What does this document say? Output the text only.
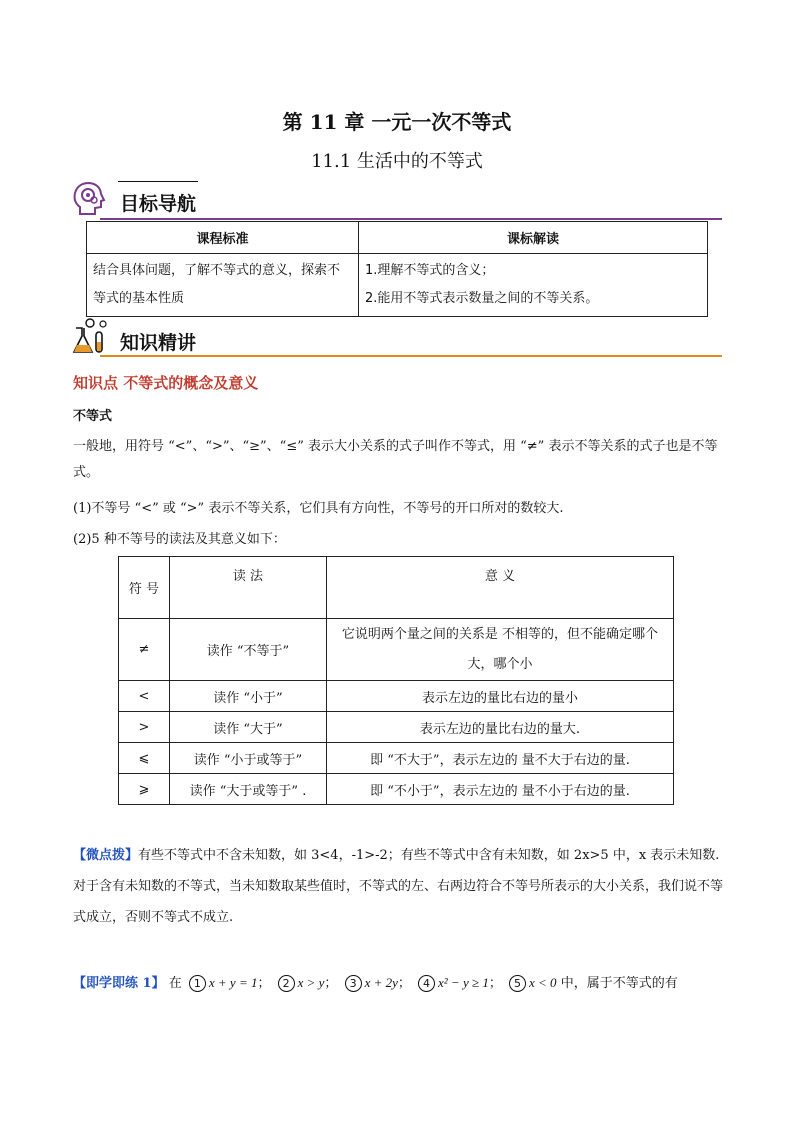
第 11 章 一元一次不等式
11.1 生活中的不等式
目标导航
课程标准	课标解读
结合具体问题，了解不等式的意义，探索不等式的基本性质	1.理解不等式的含义；
2.能用不等式表示数量之间的不等关系。
知识精讲
知识点 不等式的概念及意义
不等式
一般地，用符号 “<”、“>”、“≥”、“≤” 表示大小关系的式子叫作不等式，用 “≠” 表示不等关系的式子也是不等式。
(1)不等号 “<” 或 “>” 表示不等关系，它们具有方向性，不等号的开口所对的数较大.
(2)5 种不等号的读法及其意义如下：
符 号	读 法	意 义
≠	读作 “不等于”	它说明两个量之间的关系是 不相等的，但不能确定哪个大，哪个小
<	读作 “小于”	表示左边的量比右边的量小
>	读作 “大于”	表示左边的量比右边的量大.
⩽	读作 “小于或等于”	即 “不大于”，表示左边的 量不大于右边的量.
⩾	读作 “大于或等于” .	即 “不小于”，表示左边的 量不小于右边的量.
【微点拨】有些不等式中不含未知数，如 3<4，-1>-2；有些不等式中含有未知数，如 2x>5 中，x 表示未知数.对于含有未知数的不等式，当未知数取某些值时，不等式的左、右两边符合不等号所表示的大小关系，我们说不等式成立，否则不等式不成立.
【即学即练 1】 在 1 x + y = 1； 2 x > y； 3 x + 2y； 4 x² − y ≥ 1； 5 x < 0 中，属于不等式的有
